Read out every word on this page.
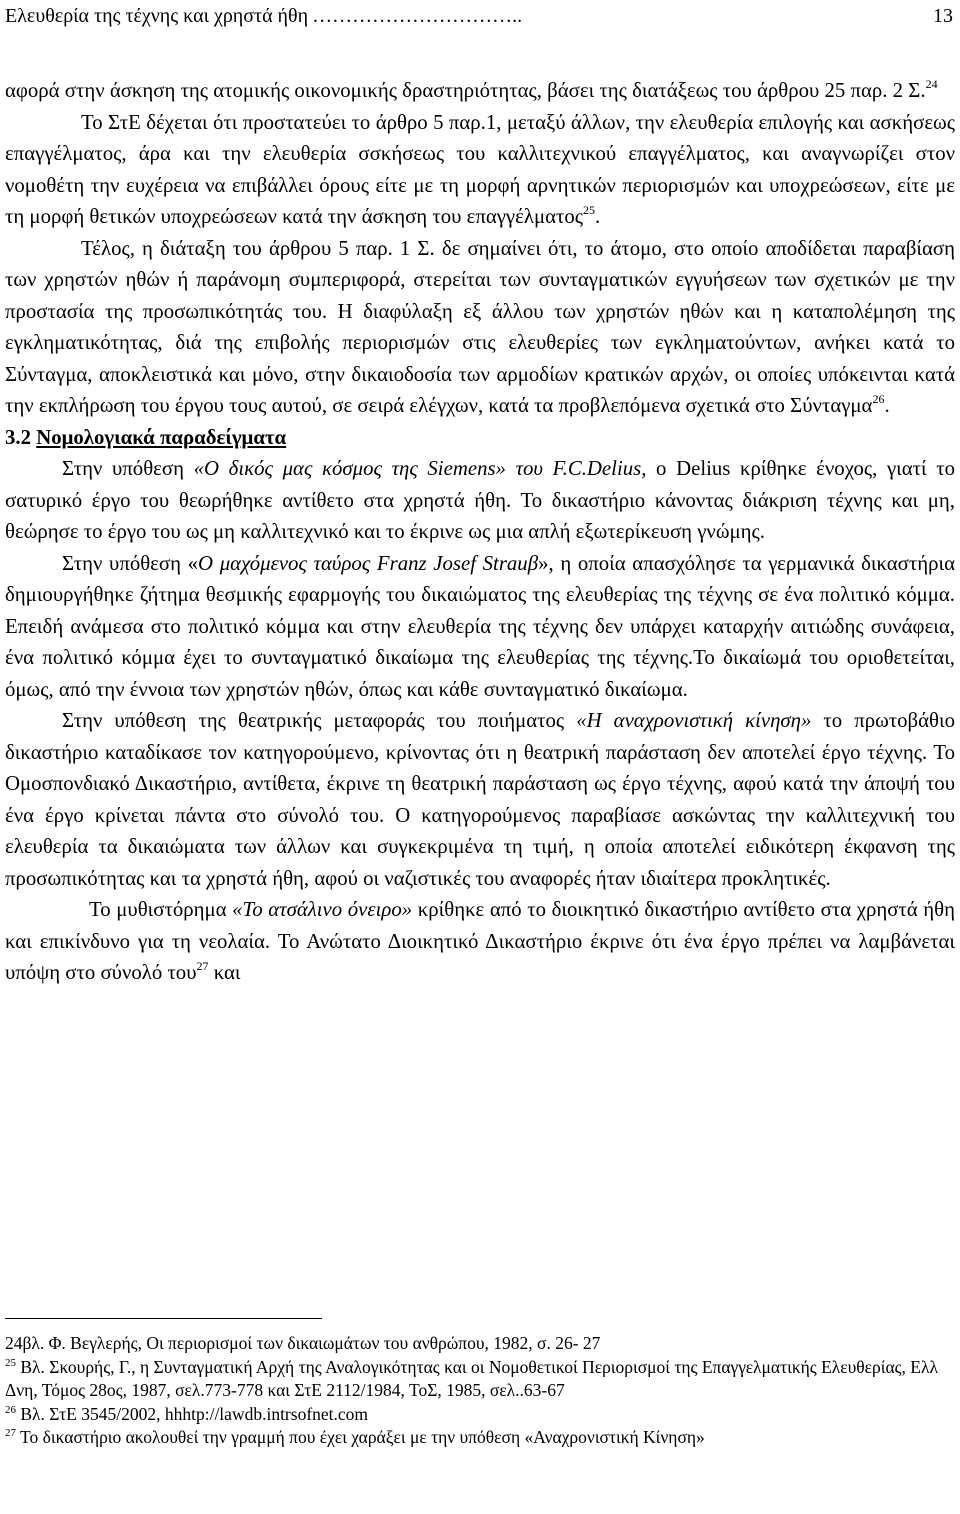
Ελευθερία της τέχνης και χρηστά ήθη …………………………..	13

αφορά στην άσκηση της ατομικής οικονομικής δραστηριότητας, βάσει της διατάξεως του άρθρου 25 παρ. 2 Σ.$^{24}$

Το ΣτΕ δέχεται ότι προστατεύει το άρθρο 5 παρ.1, μεταξύ άλλων, την ελευθερία επιλογής και ασκήσεως επαγγέλματος, άρα και την ελευθερία σσκήσεως του καλλιτεχνικού επαγγέλματος, και αναγνωρίζει στον νομοθέτη την ευχέρεια να επιβάλλει όρους είτε με τη μορφή αρνητικών περιορισμών και υποχρεώσεων, είτε με τη μορφή θετικών υποχρεώσεων κατά την άσκηση του επαγγέλματος$^{25}$.

Τέλος, η διάταξη του άρθρου 5 παρ. 1 Σ. δε σημαίνει ότι, το άτομο, στο οποίο αποδίδεται παραβίαση των χρηστών ηθών ή παράνομη συμπεριφορά, στερείται των συνταγματικών εγγυήσεων των σχετικών με την προστασία της προσωπικότητάς του. Η διαφύλαξη εξ άλλου των χρηστών ηθών και η καταπολέμηση της εγκληματικότητας, διά της επιβολής περιορισμών στις ελευθερίες των εγκληματούντων, ανήκει κατά το Σύνταγμα, αποκλειστικά και μόνο, στην δικαιοδοσία των αρμοδίων κρατικών αρχών, οι οποίες υπόκεινται κατά την εκπλήρωση του έργου τους αυτού, σε σειρά ελέγχων, κατά τα προβλεπόμενα σχετικά στο Σύνταγμα$^{26}$.

3.2 Νομολογιακά παραδείγματα

Στην υπόθεση «Ο δικός μας κόσμος της Siemens» του F.C.Delius, ο Delius κρίθηκε ένοχος, γιατί το σατυρικό έργο του θεωρήθηκε αντίθετο στα χρηστά ήθη. Το δικαστήριο κάνοντας διάκριση τέχνης και μη, θεώρησε το έργο του ως μη καλλιτεχνικό και το έκρινε ως μια απλή εξωτερίκευση γνώμης.

Στην υπόθεση «Ο μαχόμενος ταύρος Franz Josef Strauβ», η οποία απασχόλησε τα γερμανικά δικαστήρια δημιουργήθηκε ζήτημα θεσμικής εφαρμογής του δικαιώματος της ελευθερίας της τέχνης σε ένα πολιτικό κόμμα. Επειδή ανάμεσα στο πολιτικό κόμμα και στην ελευθερία της τέχνης δεν υπάρχει καταρχήν αιτιώδης συνάφεια, ένα πολιτικό κόμμα έχει το συνταγματικό δικαίωμα της ελευθερίας της τέχνης.Το δικαίωμά του οριοθετείται, όμως, από την έννοια των χρηστών ηθών, όπως και κάθε συνταγματικό δικαίωμα.

Στην υπόθεση της θεατρικής μεταφοράς του ποιήματος «Η αναχρονιστική κίνηση» το πρωτοβάθιο δικαστήριο καταδίκασε τον κατηγορούμενο, κρίνοντας ότι η θεατρική παράσταση δεν αποτελεί έργο τέχνης. Το Ομοσπονδιακό Δικαστήριο, αντίθετα, έκρινε τη θεατρική παράσταση ως έργο τέχνης, αφού κατά την άποψή του ένα έργο κρίνεται πάντα στο σύνολό του. Ο κατηγορούμενος παραβίασε ασκώντας την καλλιτεχνική του ελευθερία τα δικαιώματα των άλλων και συγκεκριμένα τη τιμή, η οποία αποτελεί ειδικότερη έκφανση της προσωπικότητας και τα χρηστά ήθη, αφού οι ναζιστικές του αναφορές ήταν ιδιαίτερα προκλητικές.

Το μυθιστόρημα «Το ατσάλινο όνειρο» κρίθηκε από το διοικητικό δικαστήριο αντίθετο στα χρηστά ήθη και επικίνδυνο για τη νεολαία. Το Ανώτατο Διοικητικό Δικαστήριο έκρινε ότι ένα έργο πρέπει να λαμβάνεται υπόψη στο σύνολό του$^{27}$ και

24βλ. Φ. Βεγλερής, Οι περιορισμοί των δικαιωμάτων του ανθρώπου, 1982, σ. 26- 27

$^{25}$ Βλ. Σκουρής, Γ., η Συνταγματική Αρχή της Αναλογικότητας και οι Νομοθετικοί Περιορισμοί της Επαγγελματικής Ελευθερίας, Ελλ Δνη, Τόμος 28ος, 1987, σελ.773-778 και ΣτΕ 2112/1984, ΤοΣ, 1985, σελ..63-67

$^{26}$ Βλ. ΣτΕ 3545/2002, hhhtp://lawdb.intrsofnet.com

$^{27}$ Το δικαστήριο ακολουθεί την γραμμή που έχει χαράξει με την υπόθεση «Αναχρονιστική Κίνηση»
